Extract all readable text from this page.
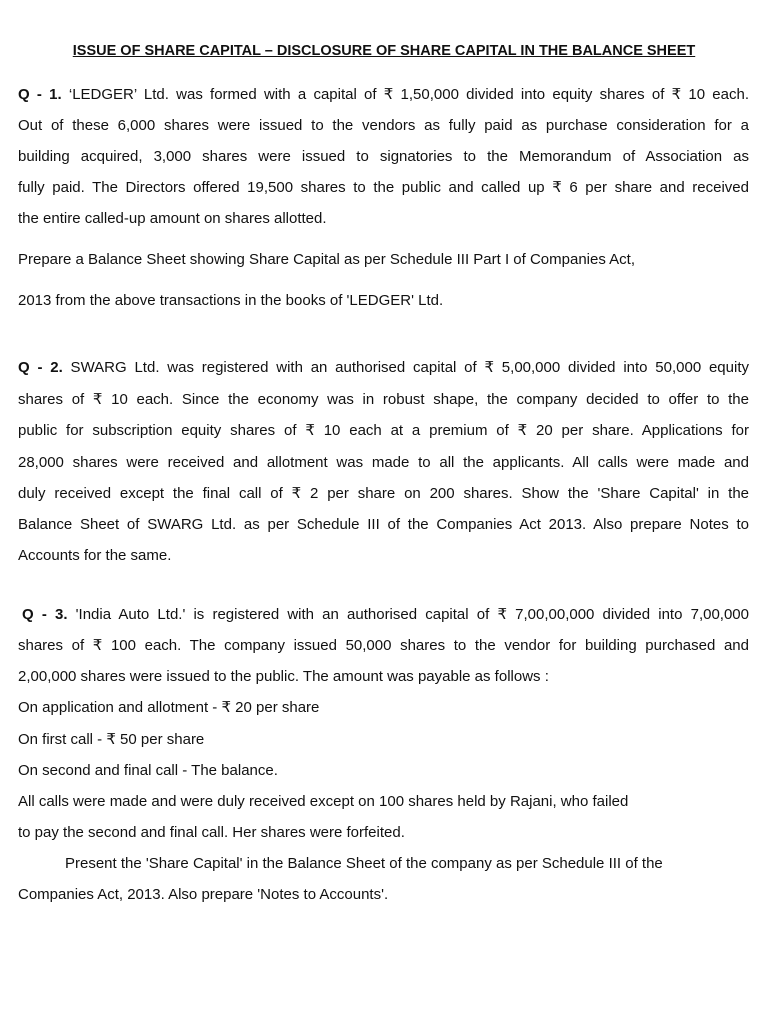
ISSUE OF SHARE CAPITAL – DISCLOSURE OF SHARE CAPITAL IN THE BALANCE SHEET
Q - 1. ‘LEDGER’ Ltd. was formed with a capital of ₹ 1,50,000 divided into equity shares of ₹ 10 each.
Out of these 6,000 shares were issued to the vendors as fully paid as purchase consideration for a
building acquired, 3,000 shares were issued to signatories to the Memorandum of Association as
fully paid. The Directors offered 19,500 shares to the public and called up ₹ 6 per share and received
the entire called-up amount on shares allotted.
Prepare a Balance Sheet showing Share Capital as per Schedule III Part I of Companies Act,
2013 from the above transactions in the books of 'LEDGER' Ltd.
Q - 2. SWARG Ltd. was registered with an authorised capital of ₹ 5,00,000 divided into 50,000 equity
shares of ₹ 10 each. Since the economy was in robust shape, the company decided to offer to the
public for subscription equity shares of ₹ 10 each at a premium of ₹ 20 per share. Applications for
28,000 shares were received and allotment was made to all the applicants. All calls were made and
duly received except the final call of ₹ 2 per share on 200 shares. Show the 'Share Capital' in the
Balance Sheet of SWARG Ltd. as per Schedule III of the Companies Act 2013. Also prepare Notes to
Accounts for the same.
Q - 3. 'India Auto Ltd.' is registered with an authorised capital of ₹ 7,00,00,000 divided into 7,00,000
shares of ₹ 100 each. The company issued 50,000 shares to the vendor for building purchased and
2,00,000 shares were issued to the public. The amount was payable as follows :
On application and allotment - ₹ 20 per share
On first call - ₹ 50 per share
On second and final call - The balance.
All calls were made and were duly received except on 100 shares held by Rajani, who failed
to pay the second and final call. Her shares were forfeited.
Present the 'Share Capital' in the Balance Sheet of the company as per Schedule III of the
Companies Act, 2013. Also prepare 'Notes to Accounts'.
